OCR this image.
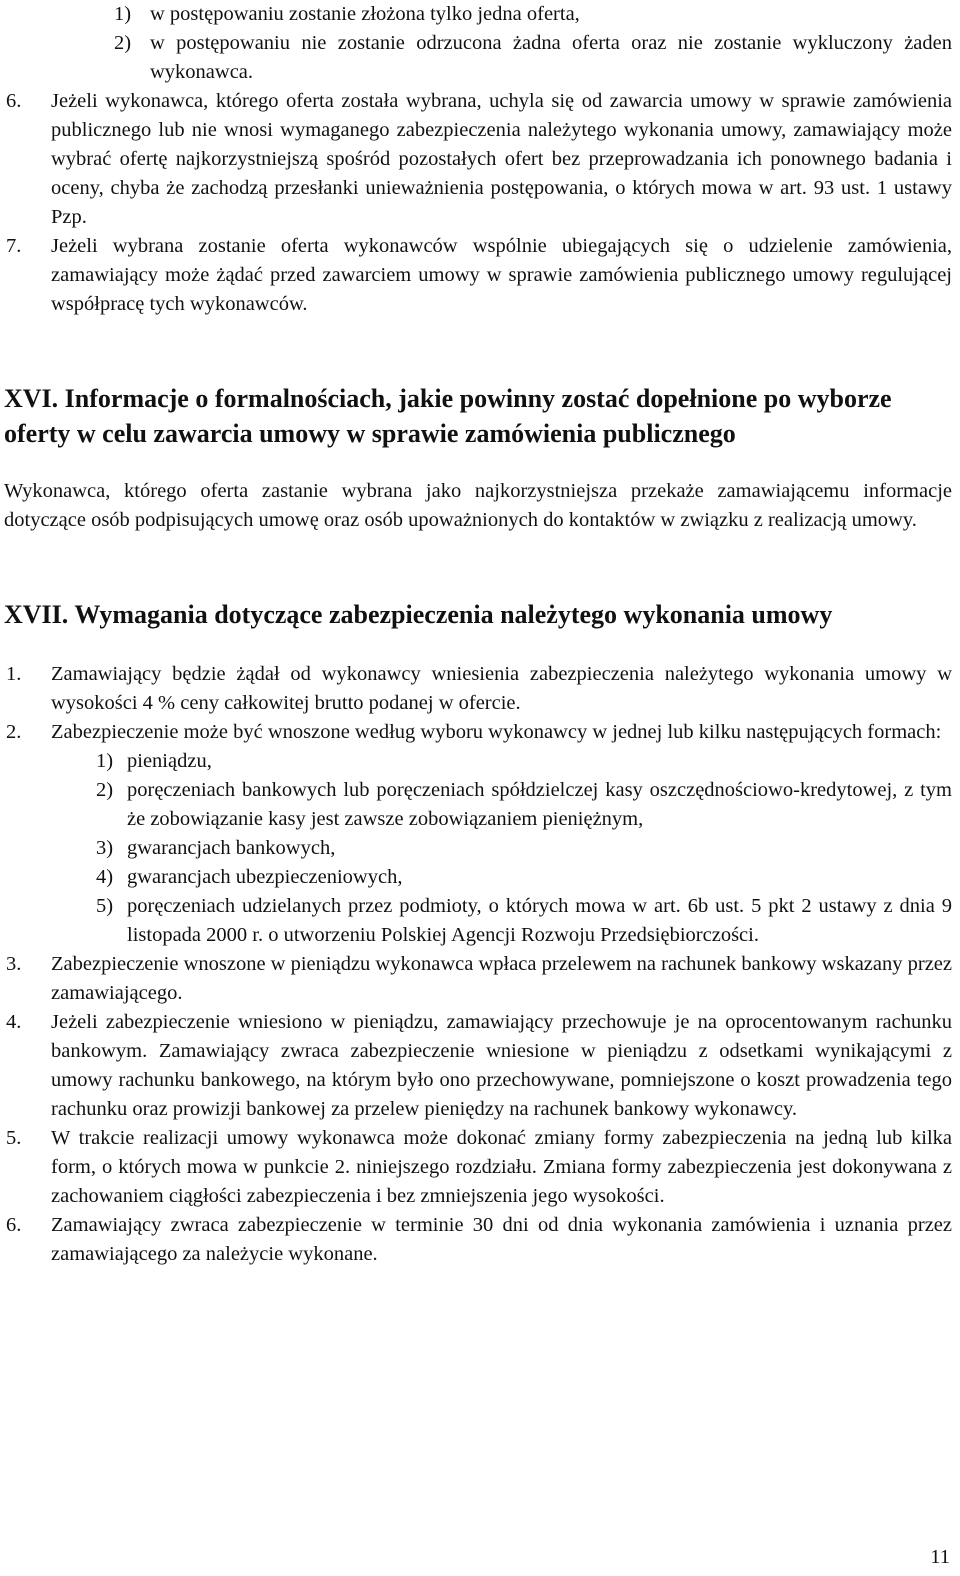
1) w postępowaniu zostanie złożona tylko jedna oferta,
2) w postępowaniu nie zostanie odrzucona żadna oferta oraz nie zostanie wykluczony żaden wykonawca.
6.	Jeżeli wykonawca, którego oferta została wybrana, uchyla się od zawarcia umowy w sprawie zamówienia publicznego lub nie wnosi wymaganego zabezpieczenia należytego wykonania umowy, zamawiający może wybrać ofertę najkorzystniejszą spośród pozostałych ofert bez przeprowadzania ich ponownego badania i oceny, chyba że zachodzą przesłanki unieważnienia postępowania, o których mowa w art. 93 ust. 1 ustawy Pzp.
7.	Jeżeli wybrana zostanie oferta wykonawców wspólnie ubiegających się o udzielenie zamówienia, zamawiający może żądać przed zawarciem umowy w sprawie zamówienia publicznego umowy regulującej współpracę tych wykonawców.
XVI. Informacje o formalnościach, jakie powinny zostać dopełnione po wyborze oferty w celu zawarcia umowy w sprawie zamówienia publicznego
Wykonawca, którego oferta zastanie wybrana jako najkorzystniejsza przekaże zamawiającemu informacje dotyczące osób podpisujących umowę oraz osób upoważnionych do kontaktów w związku z realizacją umowy.
XVII. Wymagania dotyczące zabezpieczenia należytego wykonania umowy
1.	Zamawiający będzie żądał od wykonawcy wniesienia zabezpieczenia należytego wykonania umowy w wysokości 4 % ceny całkowitej brutto podanej w ofercie.
2.	Zabezpieczenie może być wnoszone według wyboru wykonawcy w jednej lub kilku następujących formach:
1) pieniądzu,
2) poręczeniach bankowych lub poręczeniach spółdzielczej kasy oszczędnościowo-kredytowej, z tym że zobowiązanie kasy jest zawsze zobowiązaniem pieniężnym,
3) gwarancjach bankowych,
4) gwarancjach ubezpieczeniowych,
5) poręczeniach udzielanych przez podmioty, o których mowa w art. 6b ust. 5 pkt 2 ustawy z dnia 9 listopada 2000 r. o utworzeniu Polskiej Agencji Rozwoju Przedsiębiorczości.
3.	Zabezpieczenie wnoszone w pieniądzu wykonawca wpłaca przelewem na rachunek bankowy wskazany przez zamawiającego.
4.	Jeżeli zabezpieczenie wniesiono w pieniądzu, zamawiający przechowuje je na oprocentowanym rachunku bankowym. Zamawiający zwraca zabezpieczenie wniesione w pieniądzu z odsetkami wynikającymi z umowy rachunku bankowego, na którym było ono przechowywane, pomniejszone o koszt prowadzenia tego rachunku oraz prowizji bankowej za przelew pieniędzy na rachunek bankowy wykonawcy.
5.	W trakcie realizacji umowy wykonawca może dokonać zmiany formy zabezpieczenia na jedną lub kilka form, o których mowa w punkcie 2. niniejszego rozdziału. Zmiana formy zabezpieczenia jest dokonywana z zachowaniem ciągłości zabezpieczenia i bez zmniejszenia jego wysokości.
6.	Zamawiający zwraca zabezpieczenie w terminie 30 dni od dnia wykonania zamówienia i uznania przez zamawiającego za należycie wykonane.
11
